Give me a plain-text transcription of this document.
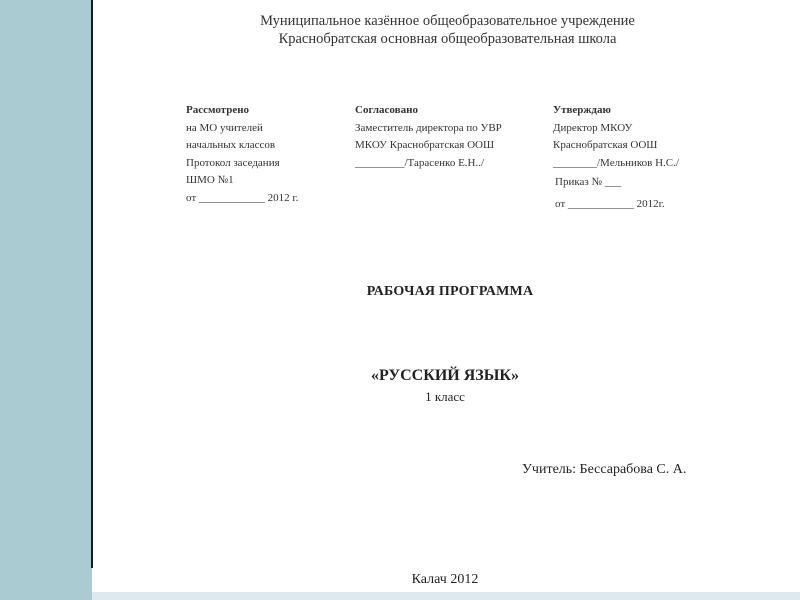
Муниципальное казённое общеобразовательное учреждение
Краснобратская основная общеобразовательная школа
Рассмотрено
на МО учителей
начальных классов
Протокол заседания
ШМО №1
от ____________ 2012 г.
Согласовано
Заместитель директора по УВР
МКОУ Краснобратская ООШ
_________/Тарасенко Е.Н../
Утверждаю
Директор МКОУ
Краснобратская ООШ
________/Мельников Н.С./
Приказ № ___
от ____________ 2012г.
РАБОЧАЯ ПРОГРАММА
«РУССКИЙ ЯЗЫК»
1 класс
Учитель: Бессарабова С. А.
Калач 2012
